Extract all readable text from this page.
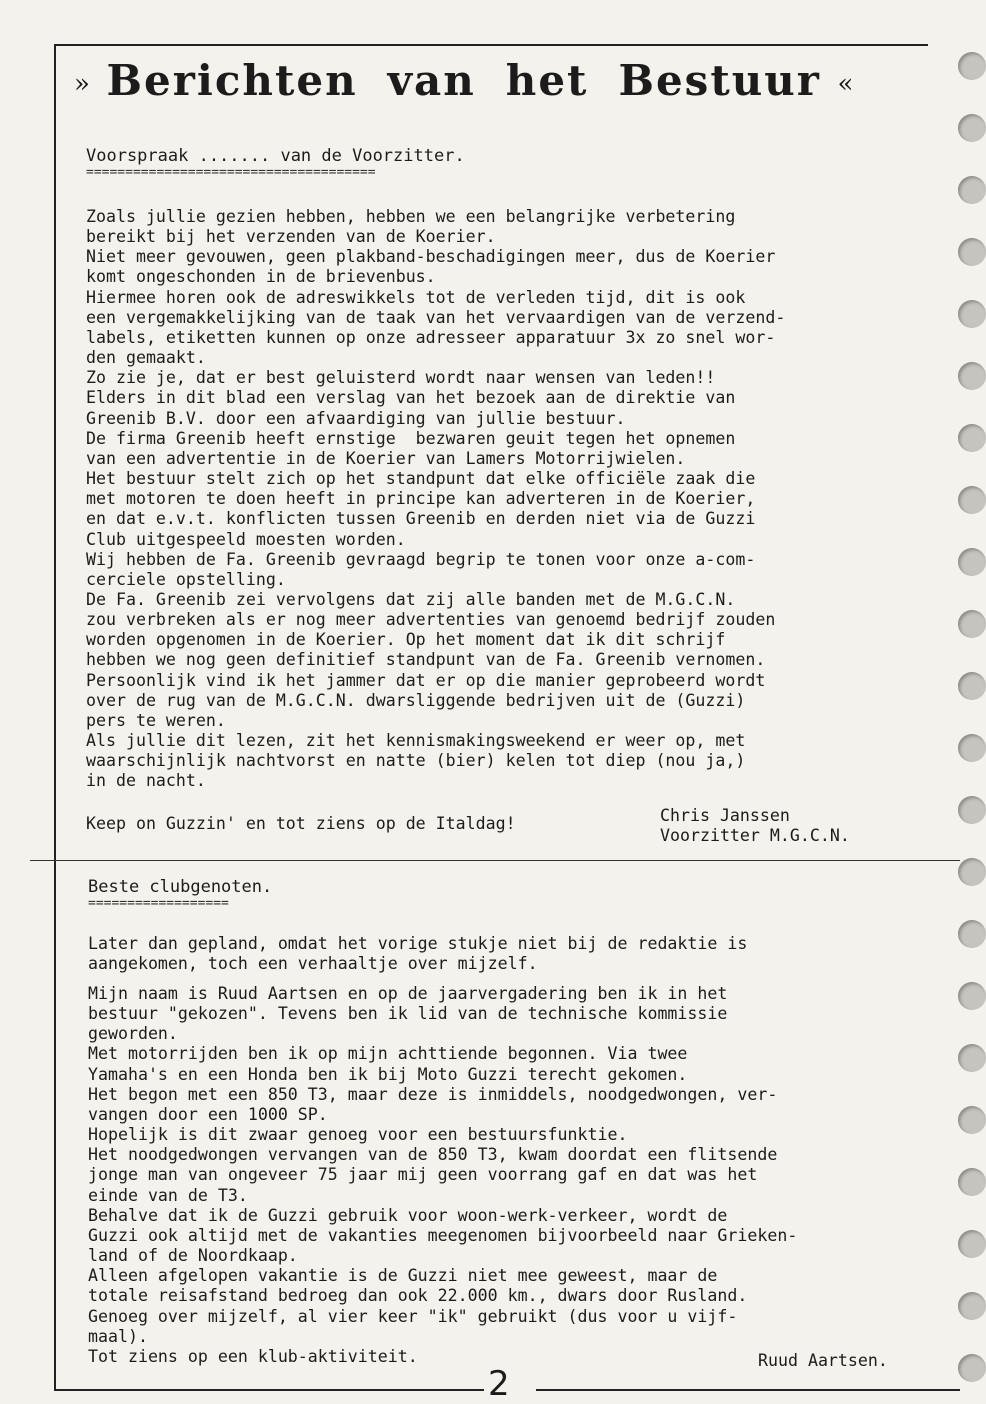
2
» Berichten van het Bestuur «
Voorspraak ....... van de Voorzitter.
=====================================
Zoals jullie gezien hebben, hebben we een belangrijke verbetering
bereikt bij het verzenden van de Koerier.
Niet meer gevouwen, geen plakband-beschadigingen meer, dus de Koerier
komt ongeschonden in de brievenbus.
Hiermee horen ook de adreswikkels tot de verleden tijd, dit is ook
een vergemakkelijking van de taak van het vervaardigen van de verzend-
labels, etiketten kunnen op onze adresseer apparatuur 3x zo snel wor-
den gemaakt.
Zo zie je, dat er best geluisterd wordt naar wensen van leden!!
Elders in dit blad een verslag van het bezoek aan de direktie van
Greenib B.V. door een afvaardiging van jullie bestuur.
De firma Greenib heeft ernstige  bezwaren geuit tegen het opnemen
van een advertentie in de Koerier van Lamers Motorrijwielen.
Het bestuur stelt zich op het standpunt dat elke officiële zaak die
met motoren te doen heeft in principe kan adverteren in de Koerier,
en dat e.v.t. konflicten tussen Greenib en derden niet via de Guzzi
Club uitgespeeld moesten worden.
Wij hebben de Fa. Greenib gevraagd begrip te tonen voor onze a-com-
cerciele opstelling.
De Fa. Greenib zei vervolgens dat zij alle banden met de M.G.C.N.
zou verbreken als er nog meer advertenties van genoemd bedrijf zouden
worden opgenomen in de Koerier. Op het moment dat ik dit schrijf
hebben we nog geen definitief standpunt van de Fa. Greenib vernomen.
Persoonlijk vind ik het jammer dat er op die manier geprobeerd wordt
over de rug van de M.G.C.N. dwarsliggende bedrijven uit de (Guzzi)
pers te weren.
Als jullie dit lezen, zit het kennismakingsweekend er weer op, met
waarschijnlijk nachtvorst en natte (bier) kelen tot diep (nou ja,)
in de nacht.
Keep on Guzzin' en tot ziens op de Italdag!	Chris Janssen
Voorzitter M.G.C.N.
Beste clubgenoten.
==================
Later dan gepland, omdat het vorige stukje niet bij de redaktie is
aangekomen, toch een verhaaltje over mijzelf.
Mijn naam is Ruud Aartsen en op de jaarvergadering ben ik in het
bestuur "gekozen". Tevens ben ik lid van de technische kommissie
geworden.
Met motorrijden ben ik op mijn achttiende begonnen. Via twee
Yamaha's en een Honda ben ik bij Moto Guzzi terecht gekomen.
Het begon met een 850 T3, maar deze is inmiddels, noodgedwongen, ver-
vangen door een 1000 SP.
Hopelijk is dit zwaar genoeg voor een bestuursfunktie.
Het noodgedwongen vervangen van de 850 T3, kwam doordat een flitsende
jonge man van ongeveer 75 jaar mij geen voorrang gaf en dat was het
einde van de T3.
Behalve dat ik de Guzzi gebruik voor woon-werk-verkeer, wordt de
Guzzi ook altijd met de vakanties meegenomen bijvoorbeeld naar Grieken-
land of de Noordkaap.
Alleen afgelopen vakantie is de Guzzi niet mee geweest, maar de
totale reisafstand bedroeg dan ook 22.000 km., dwars door Rusland.
Genoeg over mijzelf, al vier keer "ik" gebruikt (dus voor u vijf-
maal).
Tot ziens op een klub-aktiviteit.	Ruud Aartsen.
